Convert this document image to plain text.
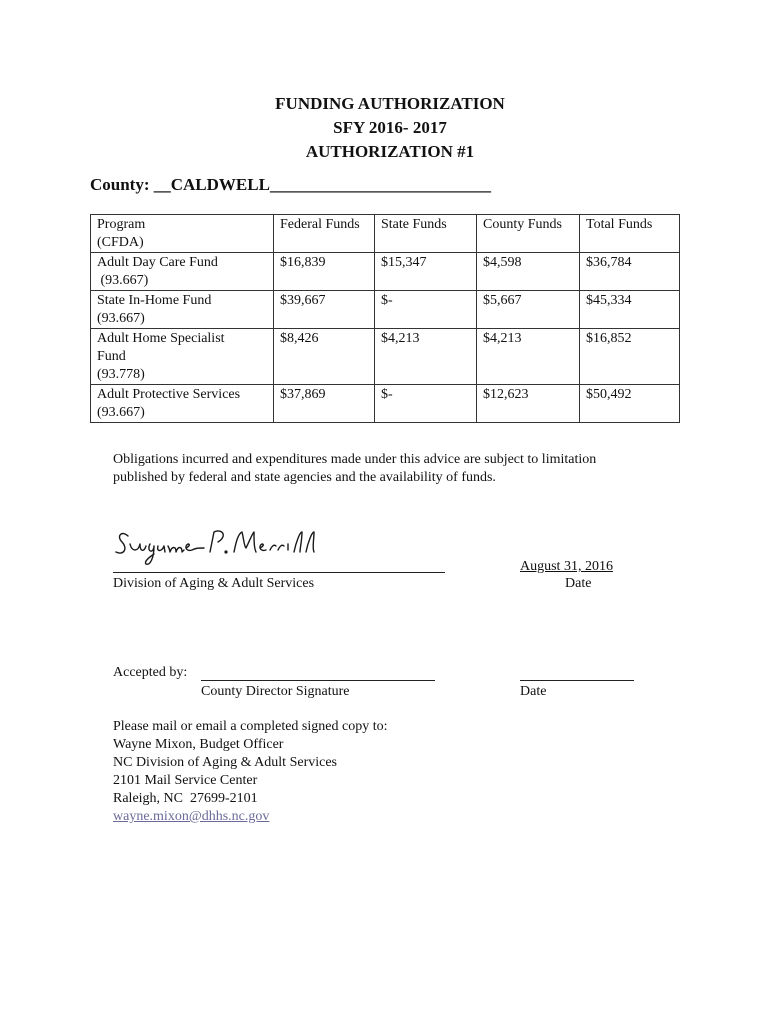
FUNDING AUTHORIZATION
SFY 2016- 2017
AUTHORIZATION #1
County: __CALDWELL__________________________
Program
(CFDA)	Federal Funds	State Funds	County Funds	Total Funds

Adult Day Care Fund
(93.667)	$16,839	$15,347	$4,598	$36,784

State In-Home Fund
(93.667)	$39,667	$-	$5,667	$45,334

Adult Home Specialist
Fund
(93.778)	$8,426	$4,213	$4,213	$16,852

Adult Protective Services
(93.667)	$37,869	$-	$12,623	$50,492
Obligations incurred and expenditures made under this advice are subject to limitation
published by federal and state agencies and the availability of funds.
Division of Aging & Adult Services
August 31, 2016
Date
Accepted by:
County Director Signature	Date
Please mail or email a completed signed copy to:
Wayne Mixon, Budget Officer
NC Division of Aging & Adult Services
2101 Mail Service Center
Raleigh, NC  27699-2101
wayne.mixon@dhhs.nc.gov
